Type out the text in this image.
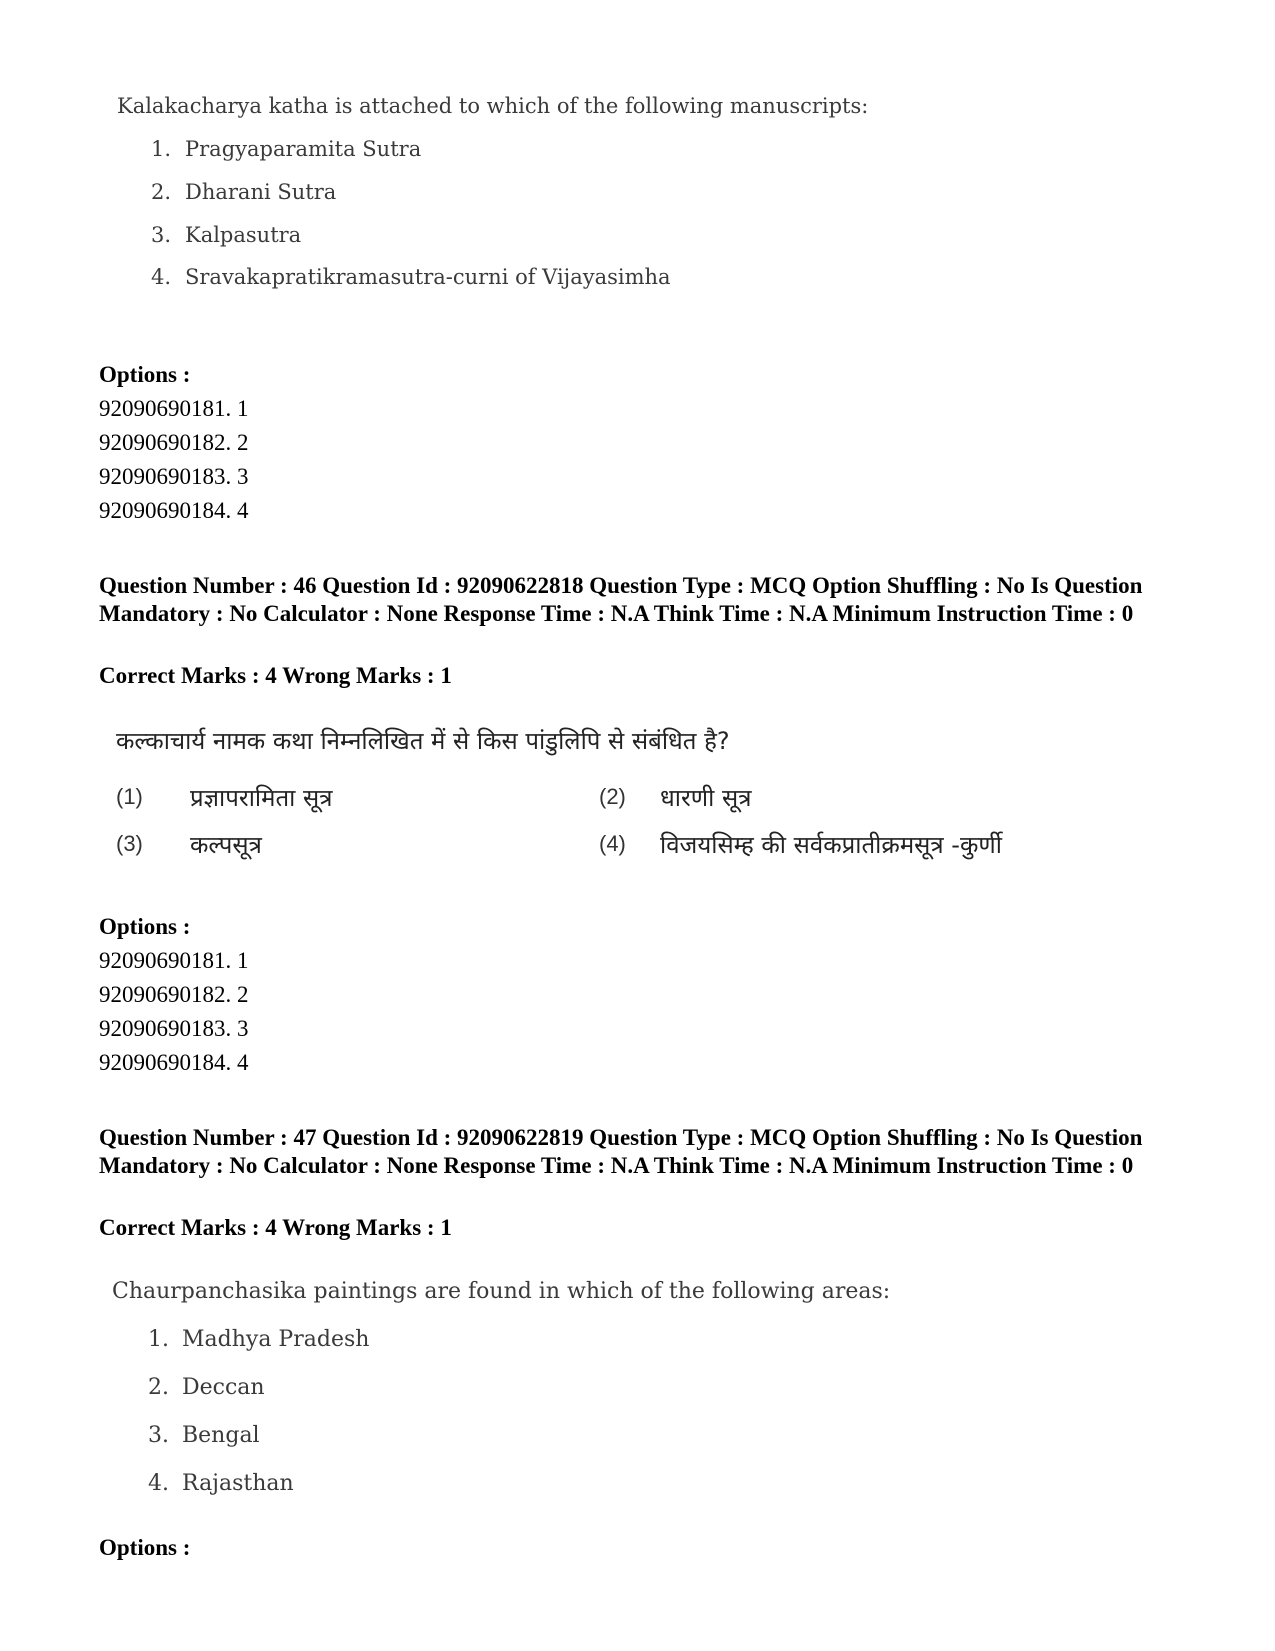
Kalakacharya katha is attached to which of the following manuscripts:
1. Pragyaparamita Sutra
2. Dharani Sutra
3. Kalpasutra
4. Sravakapratikramasutra-curni of Vijayasimha
Options :
92090690181. 1
92090690182. 2
92090690183. 3
92090690184. 4
Question Number : 46 Question Id : 92090622818 Question Type : MCQ Option Shuffling : No Is Question Mandatory : No Calculator : None Response Time : N.A Think Time : N.A Minimum Instruction Time : 0
Correct Marks : 4 Wrong Marks : 1
कल्काचार्य नामक कथा निम्नलिखित में से किस पांडुलिपि से संबंधित है?
(1) प्रज्ञापरामिता सूत्र	(2) धारणी सूत्र
(3) कल्पसूत्र	(4) विजयसिम्ह की सर्वकप्रातीक्रमसूत्र -कुर्णी
Options :
92090690181. 1
92090690182. 2
92090690183. 3
92090690184. 4
Question Number : 47 Question Id : 92090622819 Question Type : MCQ Option Shuffling : No Is Question Mandatory : No Calculator : None Response Time : N.A Think Time : N.A Minimum Instruction Time : 0
Correct Marks : 4 Wrong Marks : 1
Chaurpanchasika paintings are found in which of the following areas:
1. Madhya Pradesh
2. Deccan
3. Bengal
4. Rajasthan
Options :
